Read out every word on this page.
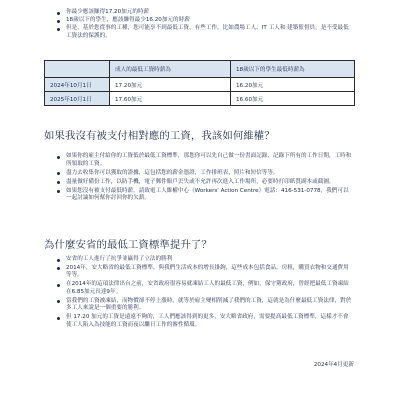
你最少應該賺得17.20加元的時薪
18歲以下的學生，應該賺得最少16.20加元的時薪
但是，基於您從事的工種，您可能享不到最低工資、有些工作，比如農場工人、IT 工人和 建築監督員，是不受最低工資法的保護的。
	成人的最低工資時薪為	18歲以下的學生最低時薪為
2024年10月1日	17.20加元	16.20加元
2025年10月1日	17.60加元	16.60加元
如果我沒有被支付相對應的工資，我該如何維權？
如果你的雇主付給你的工資低於最低工資標準，那您你可以先自己做一份書面記錄，記錄下所有的工作日期，工時和所領取的工資。
盡力去收集你可以獲取的證據，這包括您的薪金憑證，工作排班表，照片和短信等等。
盡量做好備份工作，以防手機，電子郵件賬戶丟失或不允許再次進入工作場所，必要時打印紙質副本或截圖。
如果您沒有被支付最低時薪，請致電工人維權中心（Workers' Action Centre）電話：416-531-0778，我們可以一起討論如何幫你討回你的欠薪。
為什麼安省的最低工資標準提升了？
安省的工人進行了抗爭並贏得了立法的勝利
2014年，安大略省的最低工資標準，與我們生活成本的增長掛鉤，這些成本包括食品、房租，購買衣物和交通費用等等。
在2014年的這項法律出台之前，安省政府很容易就凍結工人的最低工資，例如，保守黨政府，曾經把最低工資凍結在6.85加元長達9年。
當我們的工資被凍結，而物價卻不停上漲時，就等於雇主變相削減了我們的工資，這就是為什麼最低工資法律，對於多工人來說是一個重要的勝利。
但 17.20 加元的工資是遠遠不夠的，工人們應該得到的更多，安大略省政府，需要提高最低工資標準，這樣才不會使工人陷入為技能的工資而夜以繼日工作的審性循環。
2024年4月更新
